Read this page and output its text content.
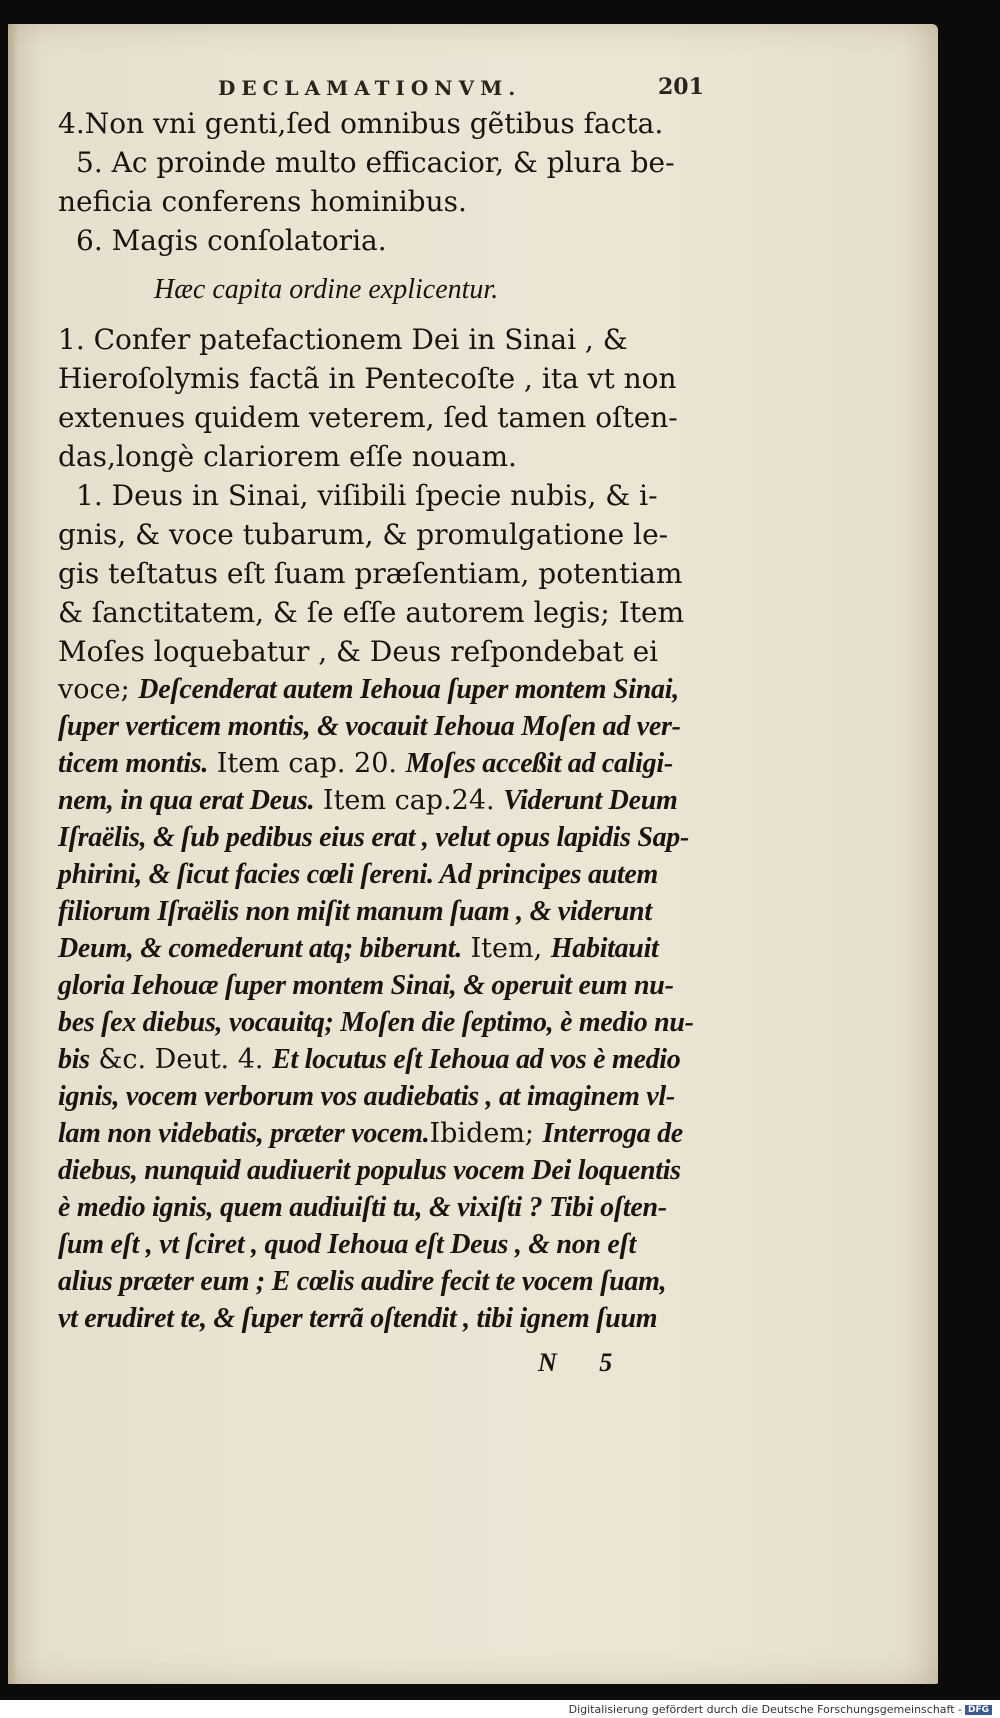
DECLAMATIONVM.	201
4.Non vni genti,ſed omnibus gẽtibus facta.
5. Ac proinde multo efficacior, & plura be-
neficia conferens hominibus.
6. Magis conſolatoria.
Hæc capita ordine explicentur.
1. Confer patefactionem Dei in Sinai , &
Hieroſolymis factã in Pentecoſte , ita vt non
extenues quidem veterem, ſed tamen oſten-
das,longè clariorem eſſe nouam.
1. Deus in Sinai, viſibili ſpecie nubis, & i-
gnis, & voce tubarum, & promulgatione le-
gis teſtatus eſt ſuam præſentiam, potentiam
& ſanctitatem, & ſe eſſe autorem legis; Item
Moſes loquebatur , & Deus reſpondebat ei
voce; Deſcenderat autem Iehoua ſuper montem Sinai,
ſuper verticem montis, & vocauit Iehoua Moſen ad ver-
ticem montis. Item cap. 20. Moſes acceßit ad caligi-
nem, in qua erat Deus. Item cap.24. Viderunt Deum
Iſraëlis, & ſub pedibus eius erat , velut opus lapidis Sap-
phirini, & ſicut facies cœli ſereni. Ad principes autem
filiorum Iſraëlis non miſit manum ſuam , & viderunt
Deum, & comederunt atq; biberunt. Item, Habitauit
gloria Iehouæ ſuper montem Sinai, & operuit eum nu-
bes ſex diebus, vocauitq; Moſen die ſeptimo, è medio nu-
bis &c. Deut. 4. Et locutus eſt Iehoua ad vos è medio
ignis, vocem verborum vos audiebatis , at imaginem vl-
lam non videbatis, præter vocem.Ibidem; Interroga de
diebus, nunquid audiuerit populus vocem Dei loquentis
è medio ignis, quem audiuiſti tu, & vixiſti ? Tibi oſten-
ſum eſt , vt ſciret , quod Iehoua eſt Deus , & non eſt
alius præter eum ; E cœlis audire fecit te vocem ſuam,
vt erudiret te, & ſuper terrã oſtendit , tibi ignem ſuum
N 5
Digitalisierung gefördert durch die Deutsche Forschungsgemeinschaft - DFG
